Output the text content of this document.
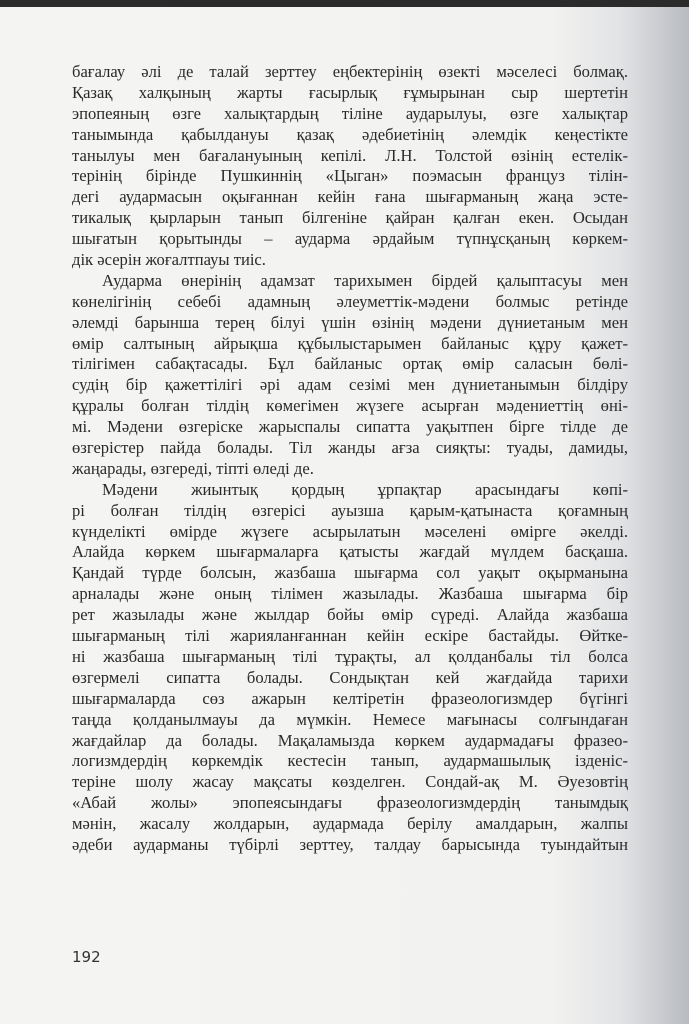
бағалау әлі де талай зерттеу еңбектерінің өзекті мәселесі болмақ.
Қазақ халқының жарты ғасырлық ғұмырынан сыр шертетін
эпопеяның өзге халықтардың тіліне аударылуы, өзге халықтар
танымында қабылдануы қазақ әдебиетінің әлемдік кеңестікте
танылуы мен бағалануының кепілі. Л.Н. Толстой өзінің естелік-
терінің бірінде Пушкиннің «Цыган» поэмасын француз тілін-
дегі аудармасын оқығаннан кейін ғана шығарманың жаңа эсте-
тикалық қырларын танып білгеніне қайран қалған екен. Осыдан
шығатын қорытынды – аударма әрдайым түпнұсқаның көркем-
дік әсерін жоғалтпауы тиіс.
Аударма өнерінің адамзат тарихымен бірдей қалыптасуы мен
көнелігінің себебі адамның әлеуметтік-мәдени болмыс ретінде
әлемді барынша терең білуі үшін өзінің мәдени дүниетаным мен
өмір салтының айрықша құбылыстарымен байланыс құру қажет-
тілігімен сабақтасады. Бұл байланыс ортақ өмір саласын бөлі-
судің бір қажеттілігі әрі адам сезімі мен дүниетанымын білдіру
құралы болған тілдің көмегімен жүзеге асырған мәдениеттің өні-
мі. Мәдени өзгеріске жарыспалы сипатта уақытпен бірге тілде де
өзгерістер пайда болады. Тіл жанды ағза сияқты: туады, дамиды,
жаңарады, өзгереді, тіпті өледі де.
Мәдени жиынтық қордың ұрпақтар арасындағы көпі-
рі болған тілдің өзгерісі ауызша қарым-қатынаста қоғамның
күнделікті өмірде жүзеге асырылатын мәселені өмірге әкелді.
Алайда көркем шығармаларға қатысты жағдай мүлдем басқаша.
Қандай түрде болсын, жазбаша шығарма сол уақыт оқырманына
арналады және оның тілімен жазылады. Жазбаша шығарма бір
рет жазылады және жылдар бойы өмір сүреді. Алайда жазбаша
шығарманың тілі жарияланғаннан кейін ескіре бастайды. Өйтке-
ні жазбаша шығарманың тілі тұрақты, ал қолданбалы тіл болса
өзгермелі сипатта болады. Сондықтан кей жағдайда тарихи
шығармаларда сөз ажарын келтіретін фразеологизмдер бүгінгі
таңда қолданылмауы да мүмкін. Немесе мағынасы солғындаған
жағдайлар да болады. Мақаламызда көркем аудармадағы фразео-
логизмдердің көркемдік кестесін танып, аудармашылық ізденіс-
теріне шолу жасау мақсаты көзделген. Сондай-ақ М. Әуезовтің
«Абай жолы» эпопеясындағы фразеологизмдердің танымдық
мәнін, жасалу жолдарын, аудармада берілу амалдарын, жалпы
әдеби аударманы түбірлі зерттеу, талдау барысында туындайтын
192
